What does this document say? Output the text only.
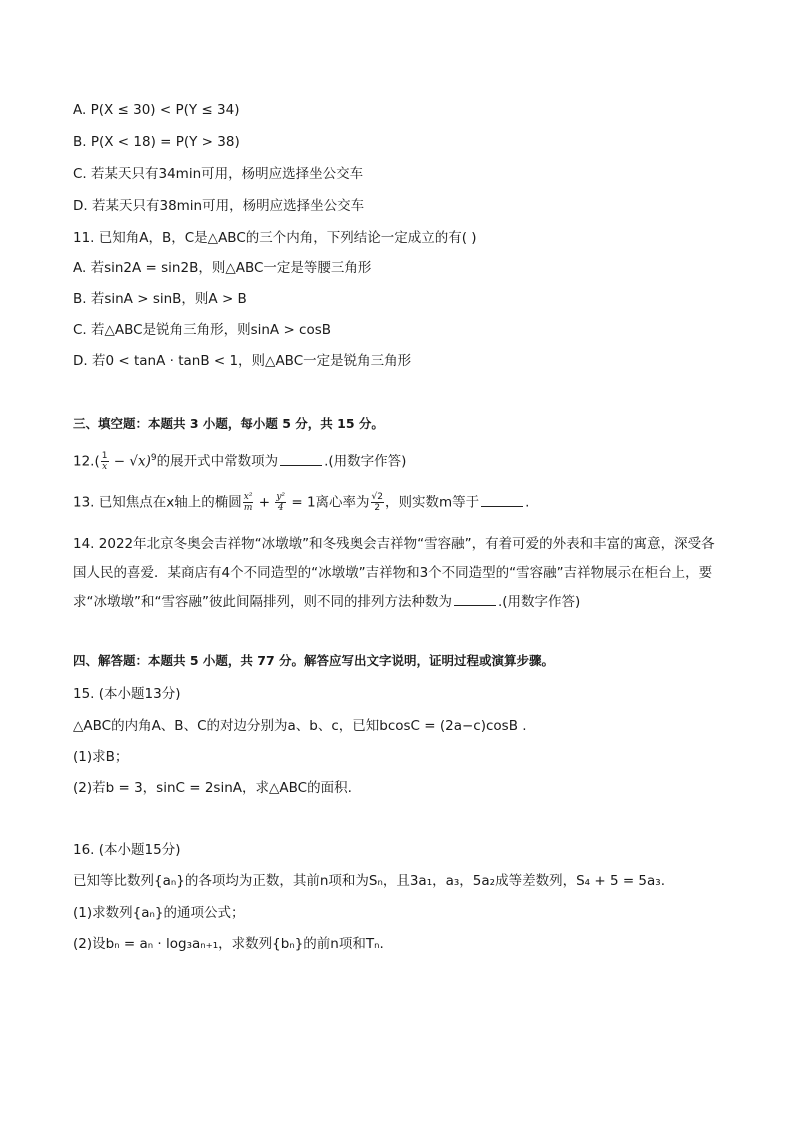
A. P(X ≤ 30) < P(Y ≤ 34)
B. P(X < 18) = P(Y > 38)
C. 若某天只有34min可用，杨明应选择坐公交车
D. 若某天只有38min可用，杨明应选择坐公交车
11. 已知角A，B，C是△ABC的三个内角，下列结论一定成立的有( )
A. 若sin2A = sin2B，则△ABC一定是等腰三角形
B. 若sinA > sinB，则A > B
C. 若△ABC是锐角三角形，则sinA > cosB
D. 若0 < tanA · tanB < 1，则△ABC一定是锐角三角形
三、填空题：本题共 3 小题，每小题 5 分，共 15 分。
$12.( \frac{1}{x} - √x)^9$的展开式中常数项为	.(用数字作答)
13. 已知焦点在x轴上的椭圆 $\frac{\text{x²}}{m} + \frac{\text{y²}}{4} = 1$离心率为 $\frac{√2}{2}$ ，则实数m等于	.
14. 2022年北京冬奥会吉祥物“冰墩墩”和冬残奥会吉祥物“雪容融”，有着可爱的外表和丰富的寓意，深受各国人民的喜爱．某商店有4个不同造型的“冰墩墩”吉祥物和3个不同造型的“雪容融”吉祥物展示在柜台上，要求“冰墩墩”和“雪容融”彼此间隔排列，则不同的排列方法种数为	.(用数字作答)
四、解答题：本题共 5 小题，共 77 分。解答应写出文字说明，证明过程或演算步骤。
15. (本小题13分)
△ABC的内角A、B、C的对边分别为a、b、c，已知bcosC = (2a−c)cosB .
(1)求B；
(2)若b = 3，sinC = 2sinA，求△ABC的面积.
16. (本小题15分)
已知等比数列{aₙ}的各项均为正数，其前n项和为Sₙ，且3a₁，a₃，5a₂成等差数列，S₄ + 5 = 5a₃.
(1)求数列{aₙ}的通项公式；
(2)设bₙ = aₙ · log₃aₙ₊₁，求数列{bₙ}的前n项和Tₙ.
